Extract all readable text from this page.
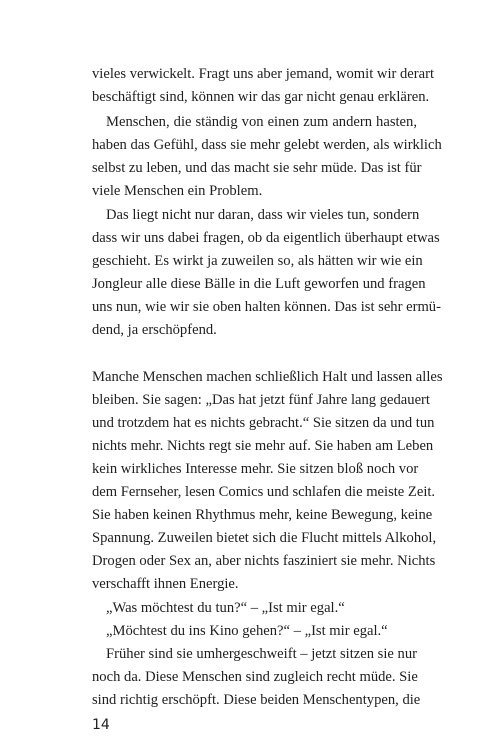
vieles verwickelt. Fragt uns aber jemand, womit wir derart
beschäftigt sind, können wir das gar nicht genau erklären.
Menschen, die ständig von einen zum andern hasten,
haben das Gefühl, dass sie mehr gelebt werden, als wirklich
selbst zu leben, und das macht sie sehr müde. Das ist für
viele Menschen ein Problem.
Das liegt nicht nur daran, dass wir vieles tun, sondern
dass wir uns dabei fragen, ob da eigentlich überhaupt etwas
geschieht. Es wirkt ja zuweilen so, als hätten wir wie ein
Jongleur alle diese Bälle in die Luft geworfen und fragen
uns nun, wie wir sie oben halten können. Das ist sehr ermü-
dend, ja erschöpfend.
Manche Menschen machen schließlich Halt und lassen alles
bleiben. Sie sagen: „Das hat jetzt fünf Jahre lang gedauert
und trotzdem hat es nichts gebracht.“ Sie sitzen da und tun
nichts mehr. Nichts regt sie mehr auf. Sie haben am Leben
kein wirkliches Interesse mehr. Sie sitzen bloß noch vor
dem Fernseher, lesen Comics und schlafen die meiste Zeit.
Sie haben keinen Rhythmus mehr, keine Bewegung, keine
Spannung. Zuweilen bietet sich die Flucht mittels Alkohol,
Drogen oder Sex an, aber nichts fasziniert sie mehr. Nichts
verschafft ihnen Energie.
„Was möchtest du tun?“ – „Ist mir egal.“
„Möchtest du ins Kino gehen?“ – „Ist mir egal.“
Früher sind sie umhergeschweift – jetzt sitzen sie nur
noch da. Diese Menschen sind zugleich recht müde. Sie
sind richtig erschöpft. Diese beiden Menschentypen, die
14
